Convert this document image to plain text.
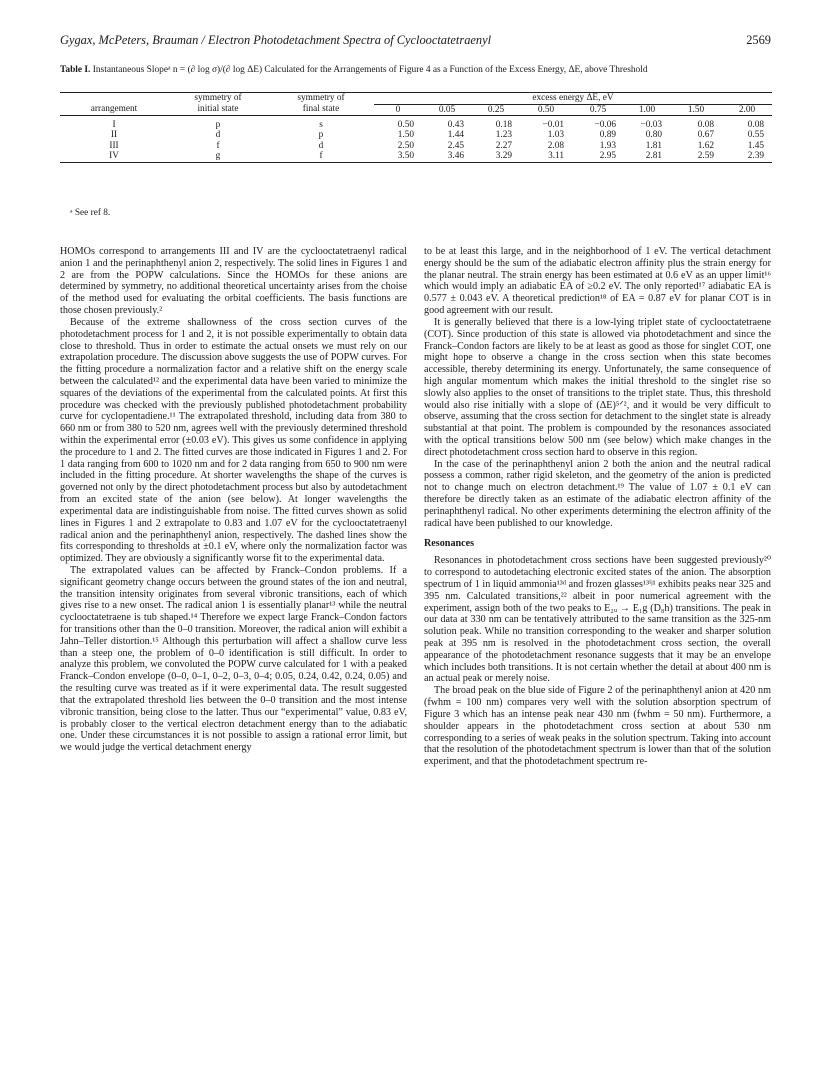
Gygax, McPeters, Brauman / Electron Photodetachment Spectra of Cyclooctatetraenyl	2569
Table I. Instantaneous Slopeᵃ n = (∂ log σ)/(∂ log ΔE) Calculated for the Arrangements of Figure 4 as a Function of the Excess Energy, ΔE, above Threshold
	symmetry of	symmetry of	excess energy ΔE, eV							
arrangement	initial state	final state	0	0.05	0.25	0.50	0.75	1.00	1.50	2.00

I	p	s	0.50	0.43	0.18	−0.01	−0.06	−0.03	0.08	0.08
II	d	p	1.50	1.44	1.23	1.03	0.89	0.80	0.67	0.55
III	f	d	2.50	2.45	2.27	2.08	1.93	1.81	1.62	1.45
IV	g	f	3.50	3.46	3.29	3.11	2.95	2.81	2.59	2.39
ᵃ See ref 8.

HOMOs correspond to arrangements III and IV are the cyclooctatetraenyl radical anion 1 and the perinaphthenyl anion 2, respectively. The solid lines in Figures 1 and 2 are from the POPW calculations. Since the HOMOs for these anions are determined by symmetry, no additional theoretical uncertainty arises from the choise of the method used for evaluating the orbital coefficients. The basis functions are those chosen previously.²

Because of the extreme shallowness of the cross section curves of the photodetachment process for 1 and 2, it is not possible experimentally to obtain data close to threshold. Thus in order to estimate the actual onsets we must rely on our extrapolation procedure. The discussion above suggests the use of POPW curves. For the fitting procedure a normalization factor and a relative shift on the energy scale between the calculated¹² and the experimental data have been varied to minimize the squares of the deviations of the experimental from the calculated points. At first this procedure was checked with the previously published photodetachment probability curve for cyclopentadiene.¹¹ The extrapolated threshold, including data from 380 to 660 nm or from 380 to 520 nm, agrees well with the previously determined threshold within the experimental error (±0.03 eV). This gives us some confidence in applying the procedure to 1 and 2. The fitted curves are those indicated in Figures 1 and 2. For 1 data ranging from 600 to 1020 nm and for 2 data ranging from 650 to 900 nm were included in the fitting procedure. At shorter wavelengths the shape of the curves is governed not only by the direct photodetachment process but also by autodetachment from an excited state of the anion (see below). At longer wavelengths the experimental data are indistinguishable from noise. The fitted curves shown as solid lines in Figures 1 and 2 extrapolate to 0.83 and 1.07 eV for the cyclooctatetraenyl radical anion and the perinaphthenyl anion, respectively. The dashed lines show the fits corresponding to thresholds at ±0.1 eV, where only the normalization factor was optimized. They are obviously a significantly worse fit to the experimental data.

The extrapolated values can be affected by Franck–Condon problems. If a significant geometry change occurs between the ground states of the ion and neutral, the transition intensity originates from several vibronic transitions, each of which gives rise to a new onset. The radical anion 1 is essentially planar¹³ while the neutral cyclooctatetraene is tub shaped.¹⁴ Therefore we expect large Franck–Condon factors for transitions other than the 0–0 transition. Moreover, the radical anion will exhibit a Jahn–Teller distortion.¹⁵ Although this perturbation will affect a shallow curve less than a steep one, the problem of 0–0 identification is still difficult. In order to analyze this problem, we convoluted the POPW curve calculated for 1 with a peaked Franck–Condon envelope (0–0, 0–1, 0–2, 0–3, 0–4; 0.05, 0.24, 0.42, 0.24, 0.05) and the resulting curve was treated as if it were experimental data. The result suggested that the extrapolated threshold lies between the 0–0 transition and the most intense vibronic transition, being close to the latter. Thus our “experimental” value, 0.83 eV, is probably closer to the vertical electron detachment energy than to the adiabatic one. Under these circumstances it is not possible to assign a rational error limit, but we would judge the vertical detachment energy

to be at least this large, and in the neighborhood of 1 eV. The vertical detachment energy should be the sum of the adiabatic electron affinity plus the strain energy for the planar neutral. The strain energy has been estimated at 0.6 eV as an upper limit¹⁶ which would imply an adiabatic EA of ≥0.2 eV. The only reported¹⁷ adiabatic EA is 0.577 ± 0.043 eV. A theoretical prediction¹⁸ of EA = 0.87 eV for planar COT is in good agreement with our result.

It is generally believed that there is a low-lying triplet state of cyclooctatetraene (COT). Since production of this state is allowed via photodetachment and since the Franck–Condon factors are likely to be at least as good as those for singlet COT, one might hope to observe a change in the cross section when this state becomes accessible, thereby determining its energy. Unfortunately, the same consequence of high angular momentum which makes the initial threshold to the singlet rise so slowly also applies to the onset of transitions to the triplet state. Thus, this threshold would also rise initially with a slope of (ΔE)⁵ᐟ², and it would be very difficult to observe, assuming that the cross section for detachment to the singlet state is already substantial at that point. The problem is compounded by the resonances associated with the optical transitions below 500 nm (see below) which make changes in the direct photodetachment cross section hard to observe in this region.

In the case of the perinaphthenyl anion 2 both the anion and the neutral radical possess a common, rather rigid skeleton, and the geometry of the anion is predicted not to change much on electron detachment.¹⁹ The value of 1.07 ± 0.1 eV can therefore be directly taken as an estimate of the adiabatic electron affinity of the perinaphthenyl radical. No other experiments determining the electron affinity of the radical have been published to our knowledge.

Resonances

Resonances in photodetachment cross sections have been suggested previously²⁰ to correspond to autodetaching electronic excited states of the anion. The absorption spectrum of 1 in liquid ammonia¹³ᵈ and frozen glasses¹³ⁱʲ¹ exhibits peaks near 325 and 395 nm. Calculated transitions,²² albeit in poor numerical agreement with the experiment, assign both of the two peaks to E₂ᵤ → E₁g (D₈h) transitions. The peak in our data at 330 nm can be tentatively attributed to the same transition as the 325-nm solution peak. While no transition corresponding to the weaker and sharper solution peak at 395 nm is resolved in the photodetachment cross section, the overall appearance of the photodetachment resonance suggests that it may be an envelope which includes both transitions. It is not certain whether the detail at about 400 nm is an actual peak or merely noise.

The broad peak on the blue side of Figure 2 of the perinaphthenyl anion at 420 nm (fwhm = 100 nm) compares very well with the solution absorption spectrum of Figure 3 which has an intense peak near 430 nm (fwhm = 50 nm). Furthermore, a shoulder appears in the photodetachment cross section at about 530 nm corresponding to a series of weak peaks in the solution spectrum. Taking into account that the resolution of the photodetachment spectrum is lower than that of the solution experiment, and that the photodetachment spectrum re-
